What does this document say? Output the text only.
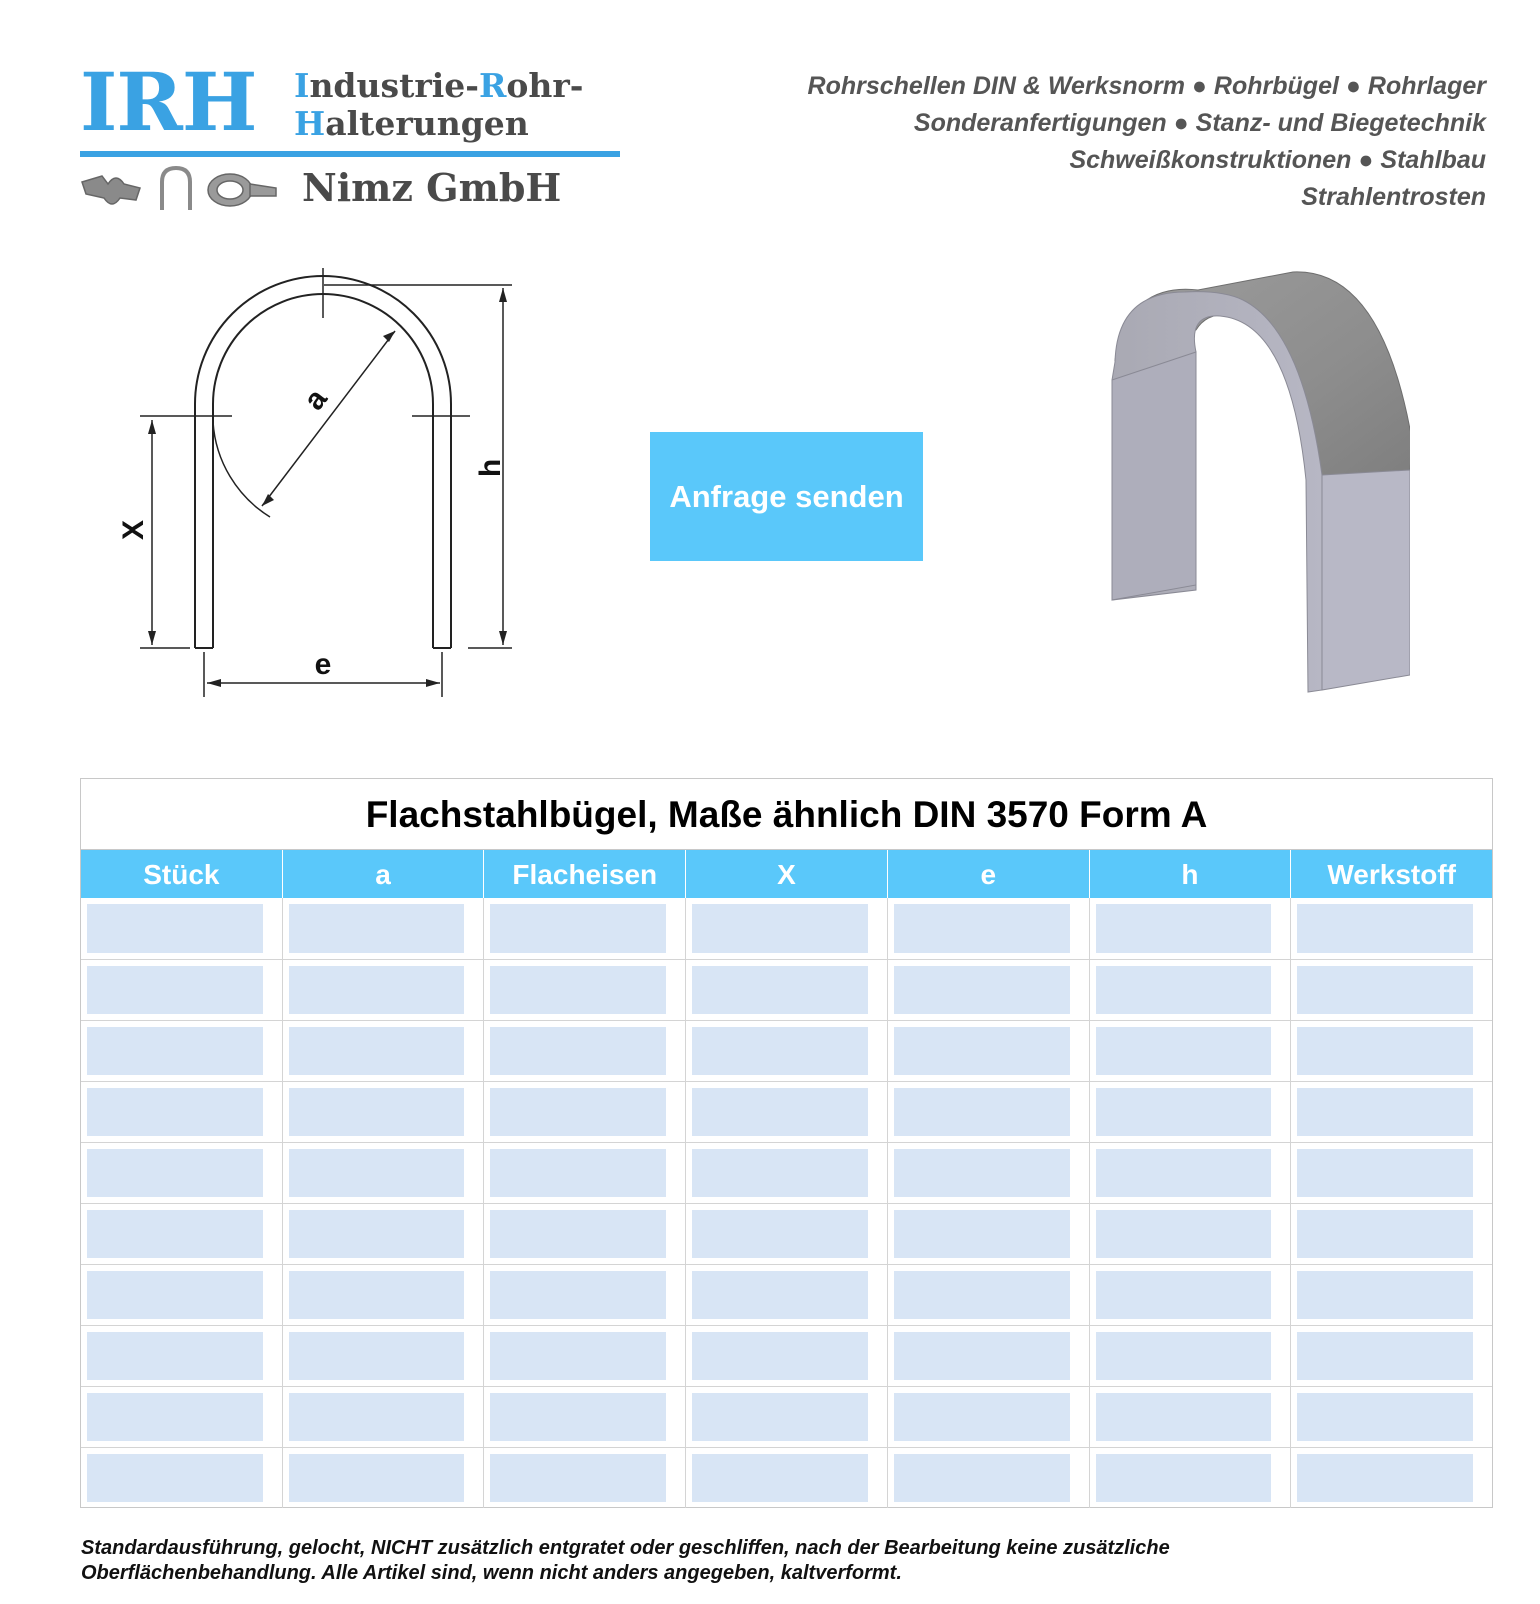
IRH Industrie-Rohr-
Halterungen
Nimz GmbH
Rohrschellen DIN & Werksnorm ● Rohrbügel ● Rohrlager
Sonderanfertigungen ● Stanz- und Biegetechnik
Schweißkonstruktionen ● Stahlbau
Strahlentrosten
a
h
X
e
Anfrage senden
Flachstahlbügel, Maße ähnlich DIN 3570 Form A
Stück	a	Flacheisen	X	e	h	Werkstoff
Standardausführung, gelocht, NICHT zusätzlich entgratet oder geschliffen, nach der Bearbeitung keine zusätzliche
Oberflächenbehandlung. Alle Artikel sind, wenn nicht anders angegeben, kaltverformt.
